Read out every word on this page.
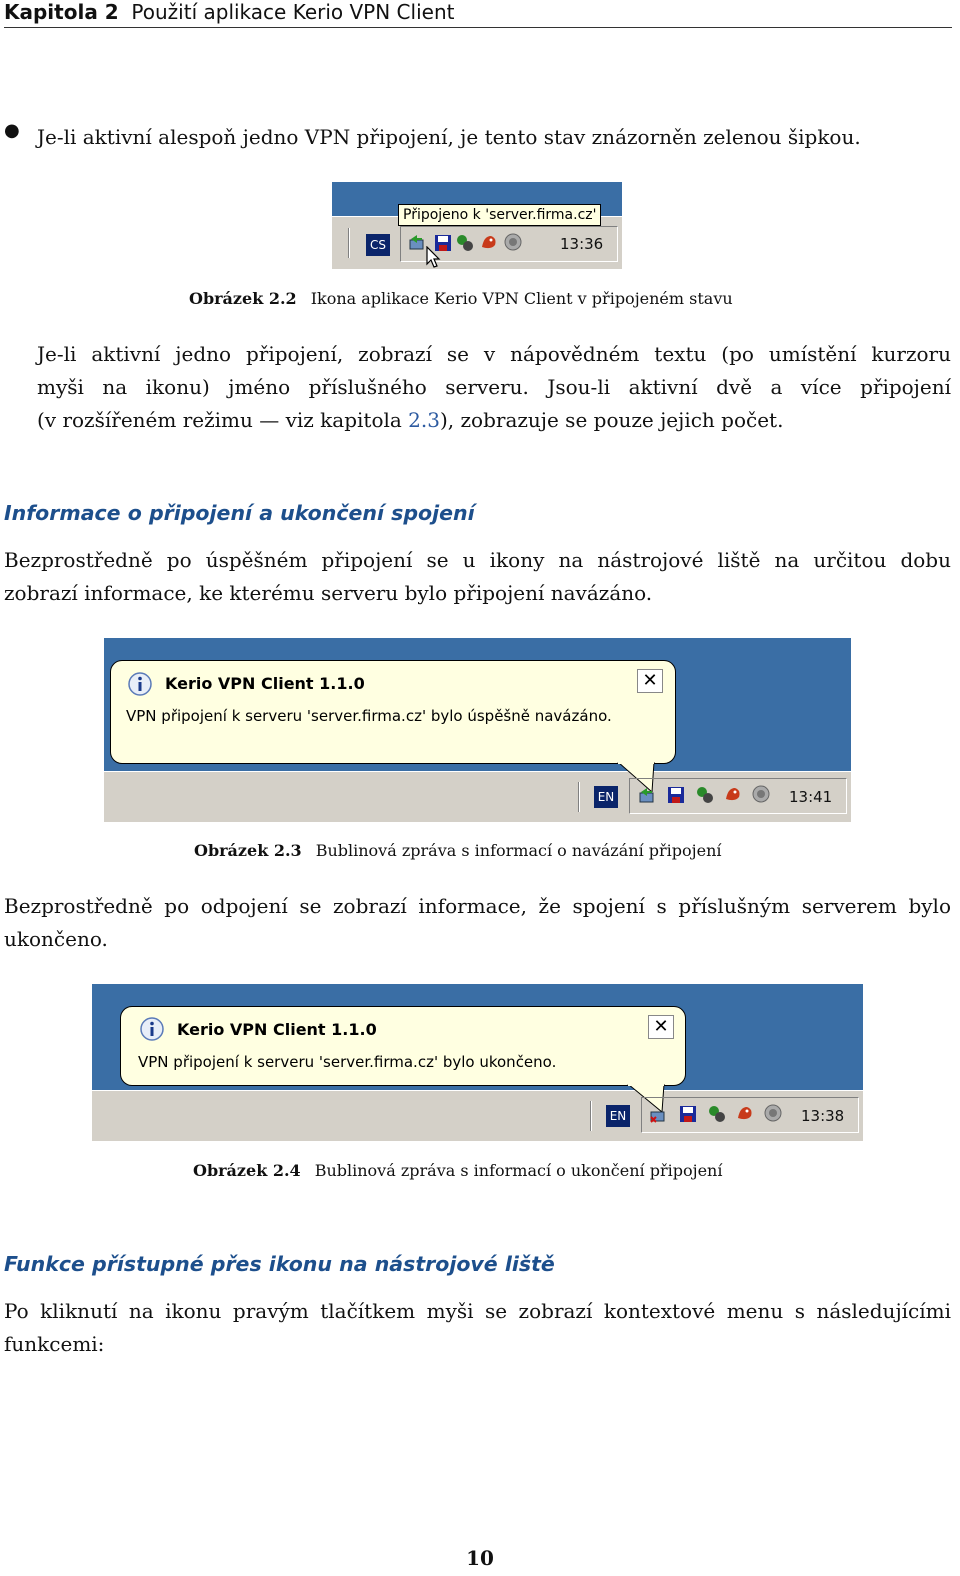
Kapitola 2 Použití aplikace Kerio VPN Client
● Je-li aktivní alespoň jedno VPN připojení, je tento stav znázorněn zelenou šipkou.
CS	13:36
Připojeno k 'server.firma.cz'
Obrázek 2.2 Ikona aplikace Kerio VPN Client v připojeném stavu
Je-li aktivní jedno připojení, zobrazí se v nápovědném textu (po umístění kurzoru
myši na ikonu) jméno příslušného serveru. Jsou-li aktivní dvě a více připojení
(v rozšířeném režimu — viz kapitola 2.3), zobrazuje se pouze jejich počet.
Informace o připojení a ukončení spojení
Bezprostředně po úspěšném připojení se u ikony na nástrojové liště na určitou dobu
zobrazí informace, ke kterému serveru bylo připojení navázáno.
Kerio VPN Client 1.1.0
VPN připojení k serveru 'server.firma.cz' bylo úspěšně navázáno.
✕
EN	13:41
Obrázek 2.3 Bublinová zpráva s informací o navázání připojení
Bezprostředně po odpojení se zobrazí informace, že spojení s příslušným serverem bylo
ukončeno.
Kerio VPN Client 1.1.0
VPN připojení k serveru 'server.firma.cz' bylo ukončeno.
✕
EN	13:38
Obrázek 2.4 Bublinová zpráva s informací o ukončení připojení
Funkce přístupné přes ikonu na nástrojové liště
Po kliknutí na ikonu pravým tlačítkem myši se zobrazí kontextové menu s následujícími
funkcemi:
10
